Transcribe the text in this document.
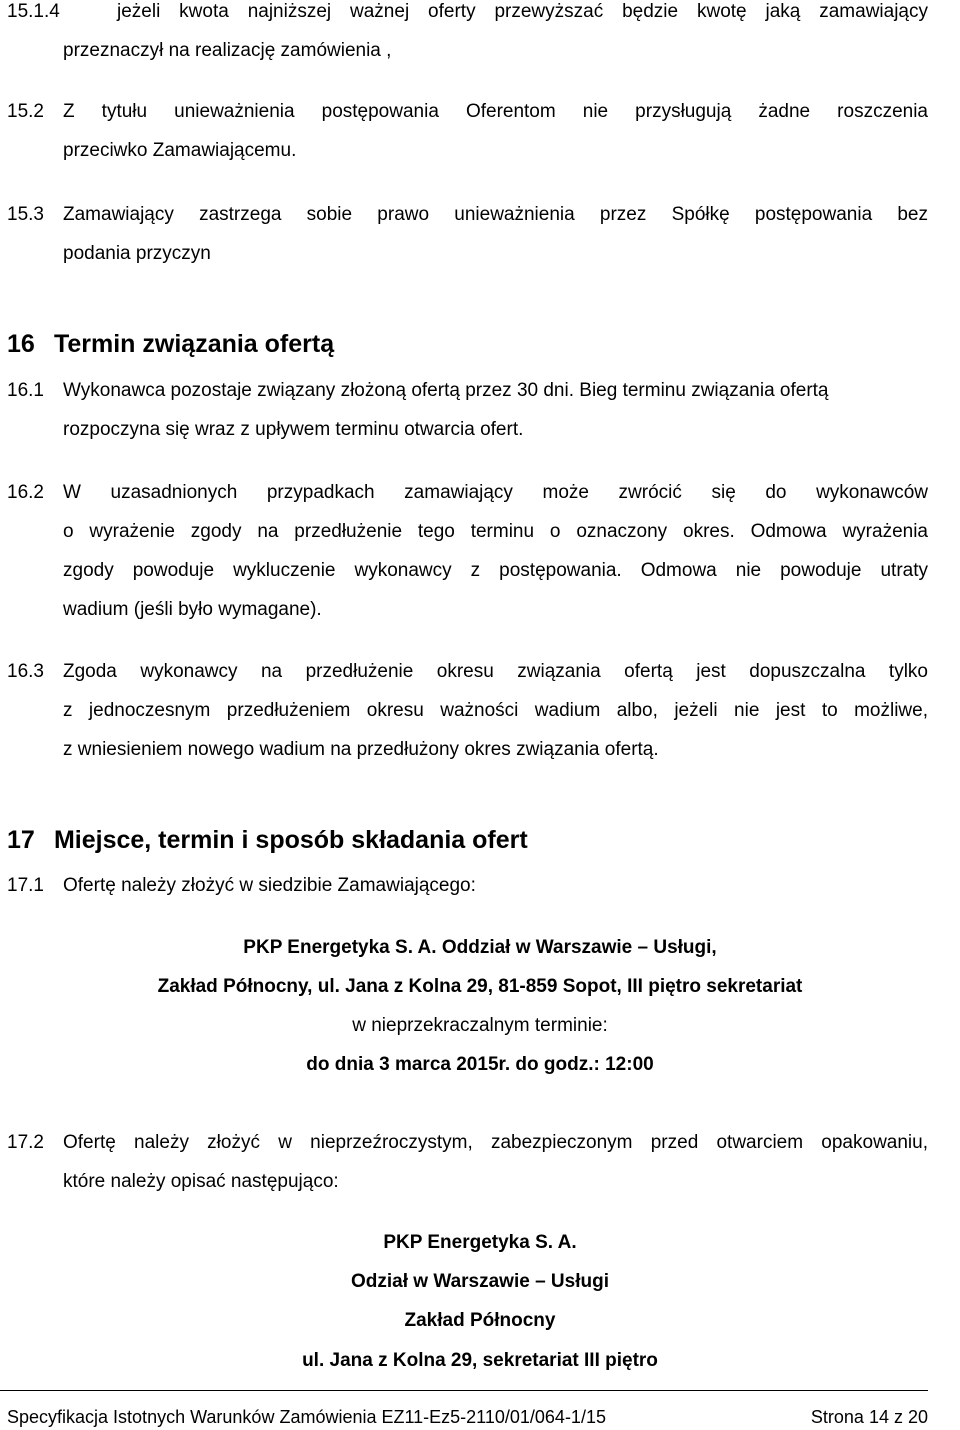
15.1.4	jeżeli kwota najniższej ważnej oferty przewyższać będzie kwotę jaką zamawiający
przeznaczył na realizację zamówienia ,
15.2 Z tytułu unieważnienia postępowania Oferentom nie przysługują żadne roszczenia
przeciwko Zamawiającemu.
15.3 Zamawiający zastrzega sobie prawo unieważnienia przez Spółkę postępowania bez
podania przyczyn
16 Termin związania ofertą
16.1 Wykonawca pozostaje związany złożoną ofertą przez 30 dni. Bieg terminu związania ofertą
rozpoczyna się wraz z upływem terminu otwarcia ofert.
16.2 W uzasadnionych przypadkach zamawiający może zwrócić się do wykonawców
o wyrażenie zgody na przedłużenie tego terminu o oznaczony okres. Odmowa wyrażenia
zgody powoduje wykluczenie wykonawcy z postępowania. Odmowa nie powoduje utraty
wadium (jeśli było wymagane).
16.3 Zgoda wykonawcy na przedłużenie okresu związania ofertą jest dopuszczalna tylko
z jednoczesnym przedłużeniem okresu ważności wadium albo, jeżeli nie jest to możliwe,
z wniesieniem nowego wadium na przedłużony okres związania ofertą.
17 Miejsce, termin i sposób składania ofert
17.1 Ofertę należy złożyć w siedzibie Zamawiającego:
PKP Energetyka S. A. Oddział w Warszawie – Usługi,
Zakład Północny, ul. Jana z Kolna 29, 81-859 Sopot, III piętro sekretariat
w nieprzekraczalnym terminie:
do dnia 3 marca 2015r. do godz.: 12:00
17.2 Ofertę należy złożyć w nieprzeźroczystym, zabezpieczonym przed otwarciem opakowaniu,
które należy opisać następująco:
PKP Energetyka S. A.
Odział w Warszawie – Usługi
Zakład Północny
ul. Jana z Kolna 29, sekretariat III piętro
Specyfikacja Istotnych Warunków Zamówienia EZ11-Ez5-2110/01/064-1/15	Strona 14 z 20
